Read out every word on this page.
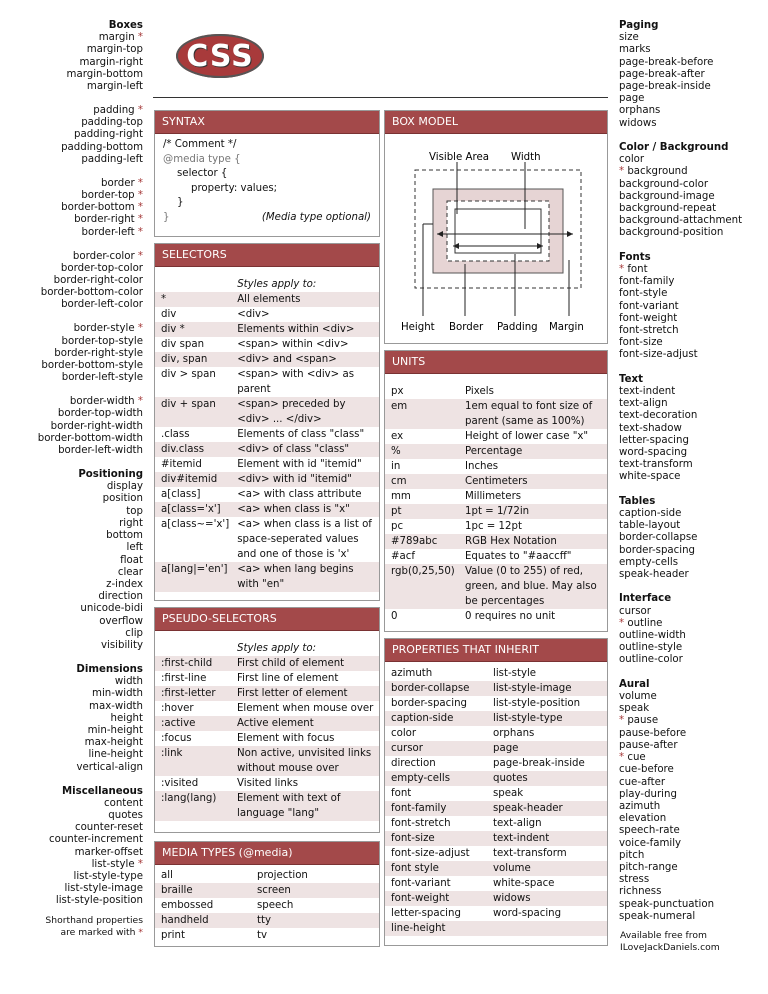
Boxes
margin *
margin-top
margin-right
margin-bottom
margin-left
padding *
padding-top
padding-right
padding-bottom
padding-left
border *
border-top *
border-bottom *
border-right *
border-left *
border-color *
border-top-color
border-right-color
border-bottom-color
border-left-color
border-style *
border-top-style
border-right-style
border-bottom-style
border-left-style
border-width *
border-top-width
border-right-width
border-bottom-width
border-left-width
Positioning
display
position
top
right
bottom
left
float
clear
z-index
direction
unicode-bidi
overflow
clip
visibility
Dimensions
width
min-width
max-width
height
min-height
max-height
line-height
vertical-align
Miscellaneous
content
quotes
counter-reset
counter-increment
marker-offset
list-style *
list-style-type
list-style-image
list-style-position
Shorthand properties
are marked with *
Paging
size
marks
page-break-before
page-break-after
page-break-inside
page
orphans
widows
Color / Background
color
* background
background-color
background-image
background-repeat
background-attachment
background-position
Fonts
* font
font-family
font-style
font-variant
font-weight
font-stretch
font-size
font-size-adjust
Text
text-indent
text-align
text-decoration
text-shadow
letter-spacing
word-spacing
text-transform
white-space
Tables
caption-side
table-layout
border-collapse
border-spacing
empty-cells
speak-header
Interface
cursor
* outline
outline-width
outline-style
outline-color
Aural
volume
speak
* pause
pause-before
pause-after
* cue
cue-before
cue-after
play-during
azimuth
elevation
speech-rate
voice-family
pitch
pitch-range
stress
richness
speak-punctuation
speak-numeral
CSS
SYNTAX
/* Comment */
@media type {
selector {
property: values;
}
}	(Media type optional)
BOX MODEL
Visible Area Width
Height Border Padding Margin
SELECTORS
	Styles apply to:
*	All elements
div	<div>
div *	Elements within <div>
div span	<span> within <div>
div, span	<div> and <span>
div > span	<span> with <div> as parent
div + span	<span> preceded by <div> ... </div>
.class	Elements of class "class"
div.class	<div> of class "class"
#itemid	Element with id "itemid"
div#itemid	<div> with id "itemid"
a[class]	<a> with class attribute
a[class='x']	<a> when class is "x"
a[class~='x']	<a> when class is a list of space-seperated values and one of those is 'x'
a[lang|='en']	<a> when lang begins with "en"
PSEUDO-SELECTORS
	Styles apply to:
:first-child	First child of element
:first-line	First line of element
:first-letter	First letter of element
:hover	Element when mouse over
:active	Active element
:focus	Element with focus
:link	Non active, unvisited links without mouse over
:visited	Visited links
:lang(lang)	Element with text of language "lang"
MEDIA TYPES (@media)
all	projection
braille	screen
embossed	speech
handheld	tty
print	tv
UNITS
px	Pixels
em	1em equal to font size of parent (same as 100%)
ex	Height of lower case "x"
%	Percentage
in	Inches
cm	Centimeters
mm	Millimeters
pt	1pt = 1/72in
pc	1pc = 12pt
#789abc	RGB Hex Notation
#acf	Equates to "#aaccff"
rgb(0,25,50)	Value (0 to 255) of red, green, and blue. May also be percentages
0	0 requires no unit
PROPERTIES THAT INHERIT
azimuth	list-style
border-collapse	list-style-image
border-spacing	list-style-position
caption-side	list-style-type
color	orphans
cursor	page
direction	page-break-inside
empty-cells	quotes
font	speak
font-family	speak-header
font-stretch	text-align
font-size	text-indent
font-size-adjust	text-transform
font style	volume
font-variant	white-space
font-weight	widows
letter-spacing	word-spacing
line-height	
Available free from
ILoveJackDaniels.com
